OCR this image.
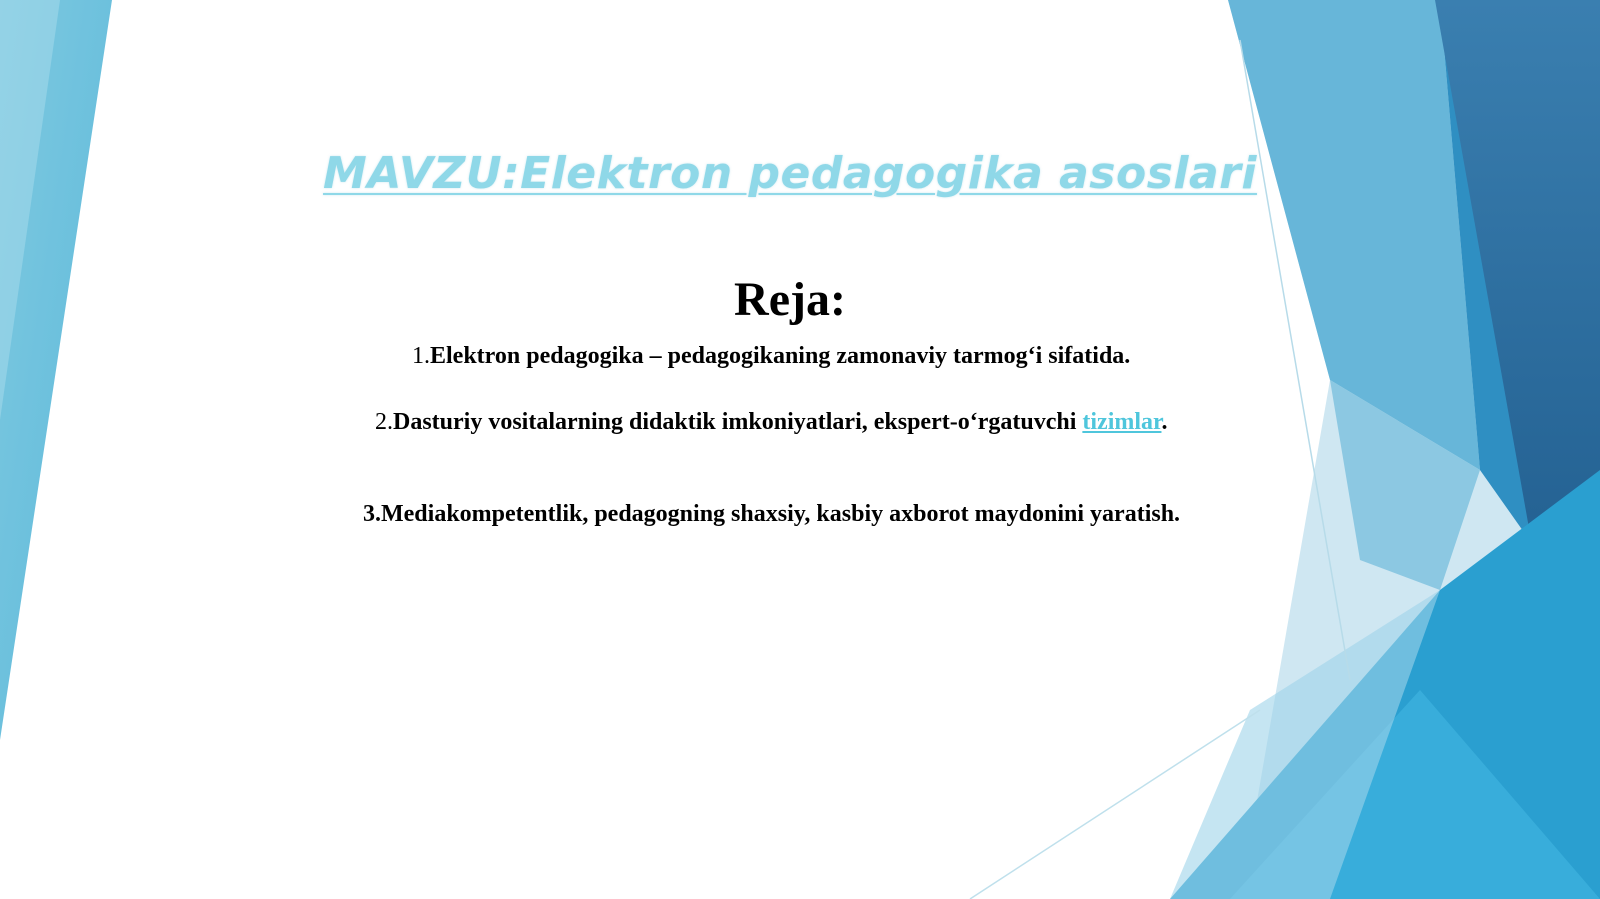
MAVZU:Elektron pedagogika asoslari
Reja:
1.Elektron pedagogika – pedagogikaning zamonaviy tarmog‘i sifatida.
2.Dasturiy vositalarning didaktik imkoniyatlari, ekspert-o‘rgatuvchi tizimlar.
3.Mediakompetentlik, pedagogning shaxsiy, kasbiy axborot maydonini yaratish.
